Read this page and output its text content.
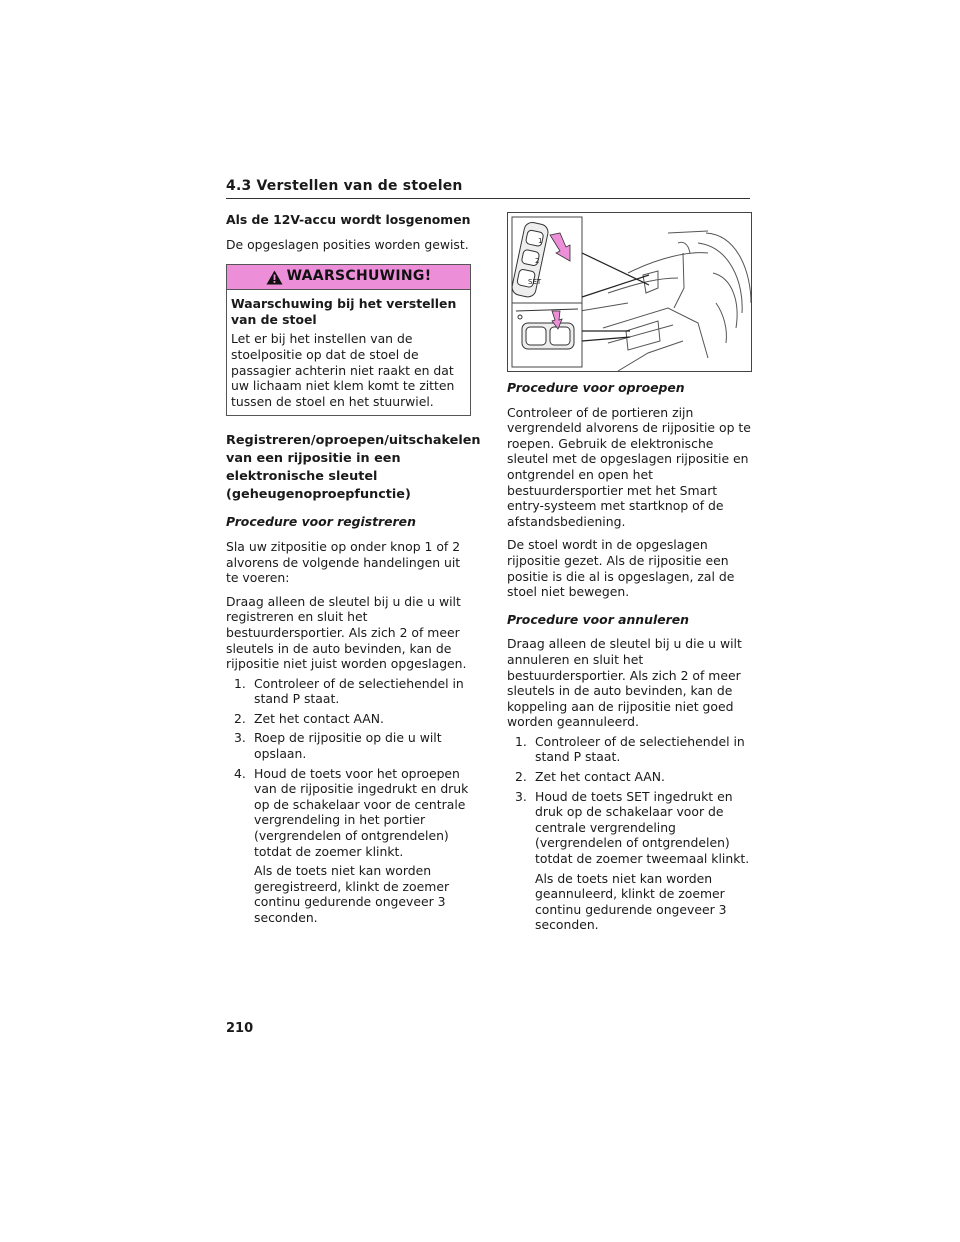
4.3 Verstellen van de stoelen

Als de 12V-accu wordt losgenomen

De opgeslagen posities worden gewist.

WAARSCHUWING!
Waarschuwing bij het verstellen van de stoel
Let er bij het instellen van de stoelpositie op dat de stoel de passagier achterin niet raakt en dat uw lichaam niet klem komt te zitten tussen de stoel en het stuurwiel.
Registreren/oproepen/uitschakelen van een rijpositie in een elektronische sleutel (geheugenoproepfunctie)

Procedure voor registreren

Sla uw zitpositie op onder knop 1 of 2 alvorens de volgende handelingen uit te voeren:

Draag alleen de sleutel bij u die u wilt registreren en sluit het bestuurdersportier. Als zich 2 of meer sleutels in de auto bevinden, kan de rijpositie niet juist worden opgeslagen.

1. Controleer of de selectiehendel in stand P staat.
2. Zet het contact AAN.
3. Roep de rijpositie op die u wilt opslaan.
4. Houd de toets voor het oproepen van de rijpositie ingedrukt en druk op de schakelaar voor de centrale vergrendeling in het portier (vergrendelen of ontgrendelen) totdat de zoemer klinkt.
Als de toets niet kan worden geregistreerd, klinkt de zoemer continu gedurende ongeveer 3 seconden.
1
2
SET

Procedure voor oproepen

Controleer of de portieren zijn vergrendeld alvorens de rijpositie op te roepen. Gebruik de elektronische sleutel met de opgeslagen rijpositie en ontgrendel en open het bestuurdersportier met het Smart entry-systeem met startknop of de afstandsbediening.

De stoel wordt in de opgeslagen rijpositie gezet. Als de rijpositie een positie is die al is opgeslagen, zal de stoel niet bewegen.

Procedure voor annuleren

Draag alleen de sleutel bij u die u wilt annuleren en sluit het bestuurdersportier. Als zich 2 of meer sleutels in de auto bevinden, kan de koppeling aan de rijpositie niet goed worden geannuleerd.

1. Controleer of de selectiehendel in stand P staat.
2. Zet het contact AAN.
3. Houd de toets SET ingedrukt en druk op de schakelaar voor de centrale vergrendeling (vergrendelen of ontgrendelen) totdat de zoemer tweemaal klinkt.
Als de toets niet kan worden geannuleerd, klinkt de zoemer continu gedurende ongeveer 3 seconden.
210
